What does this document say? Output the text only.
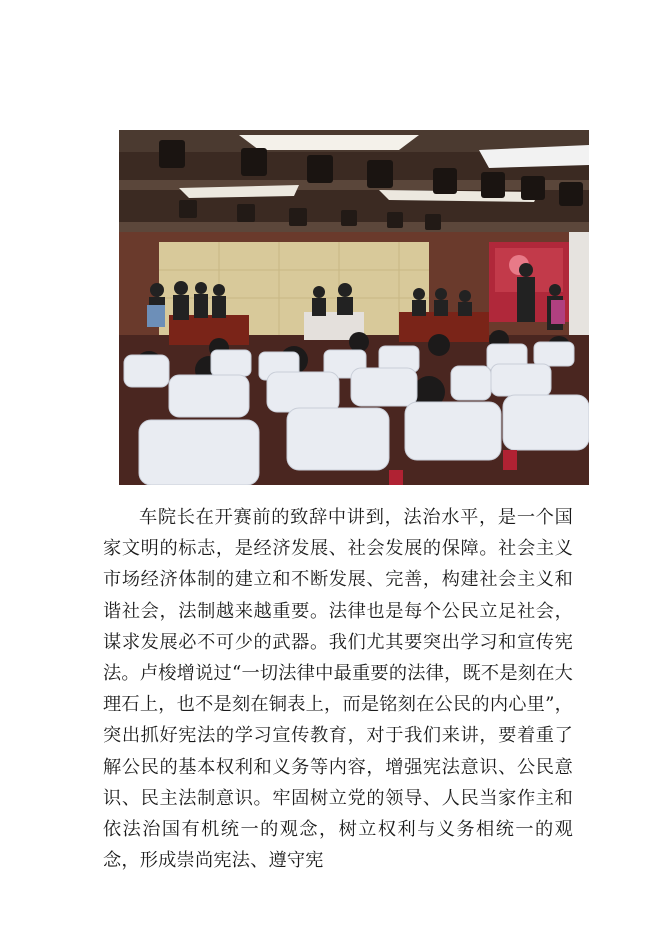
车院长在开赛前的致辞中讲到，法治水平，是一个国家文明的标志，是经济发展、社会发展的保障。社会主义市场经济体制的建立和不断发展、完善，构建社会主义和谐社会，法制越来越重要。法律也是每个公民立足社会，谋求发展必不可少的武器。我们尤其要突出学习和宣传宪法。卢梭增说过“一切法律中最重要的法律，既不是刻在大理石上，也不是刻在铜表上，而是铭刻在公民的内心里”，突出抓好宪法的学习宣传教育，对于我们来讲，要着重了解公民的基本权利和义务等内容，增强宪法意识、公民意识、民主法制意识。牢固树立党的领导、人民当家作主和依法治国有机统一的观念，树立权利与义务相统一的观念，形成崇尚宪法、遵守宪
